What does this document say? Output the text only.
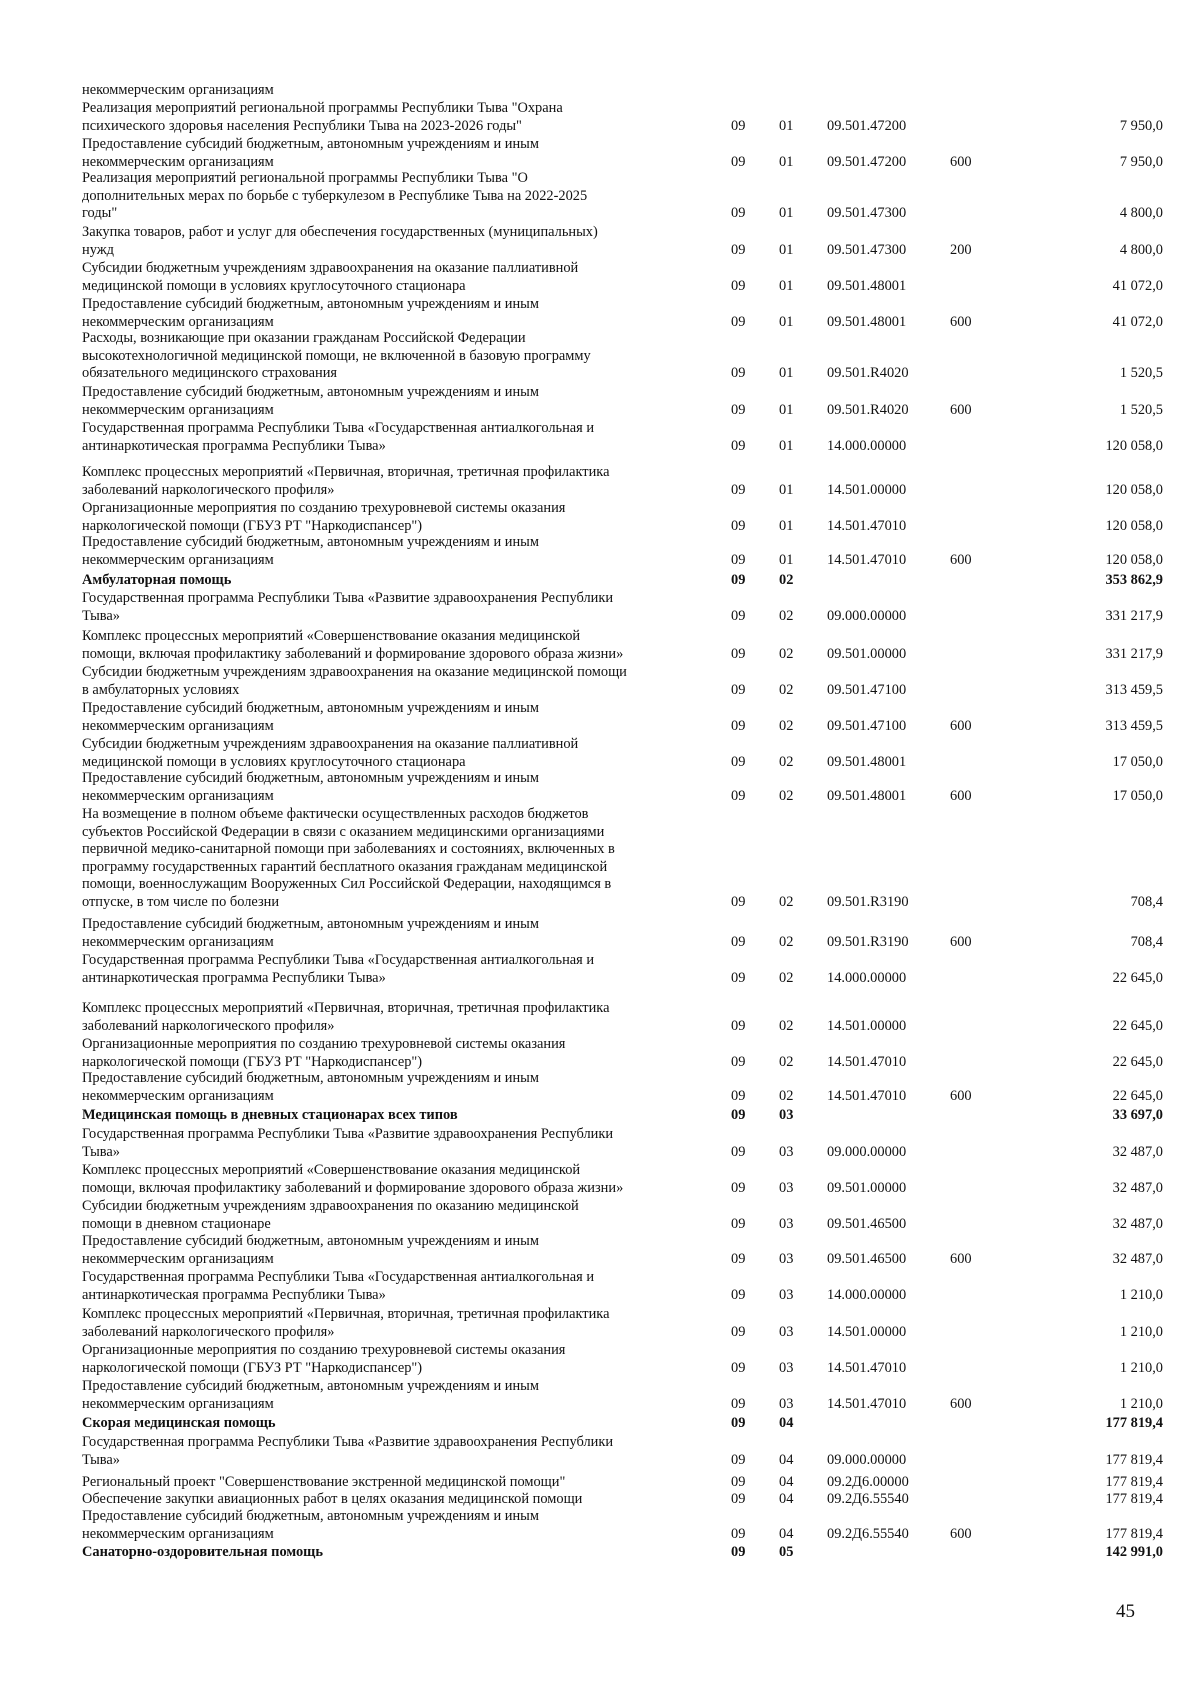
некоммерческим организациям
Реализация мероприятий региональной программы Республики Тыва "Охрана
психического здоровья населения Республики Тыва на 2023-2026 годы"	09 01 09.501.47200	7 950,0
Предоставление субсидий бюджетным, автономным учреждениям и иным
некоммерческим организациям	09 01 09.501.47200	600	7 950,0
Реализация мероприятий региональной программы Республики Тыва "О
дополнительных мерах по борьбе с туберкулезом в Республике Тыва на 2022-2025
годы"	09 01 09.501.47300	4 800,0
Закупка товаров, работ и услуг для обеспечения государственных (муниципальных)
нужд	09 01 09.501.47300	200	4 800,0
Субсидии бюджетным учреждениям здравоохранения на оказание паллиативной
медицинской помощи в условиях круглосуточного стационара	09 01 09.501.48001	41 072,0
Предоставление субсидий бюджетным, автономным учреждениям и иным
некоммерческим организациям	09 01 09.501.48001	600	41 072,0
Расходы, возникающие при оказании гражданам Российской Федерации
высокотехнологичной медицинской помощи, не включенной в базовую программу
обязательного медицинского страхования	09 01 09.501.R4020	1 520,5
Предоставление субсидий бюджетным, автономным учреждениям и иным
некоммерческим организациям	09 01 09.501.R4020	600	1 520,5
Государственная программа Республики Тыва «Государственная антиалкогольная и
антинаркотическая программа Республики Тыва»	09 01 14.000.00000	120 058,0
Комплекс процессных мероприятий «Первичная, вторичная, третичная профилактика
заболеваний наркологического профиля»	09 01 14.501.00000	120 058,0
Организационные мероприятия по созданию трехуровневой системы оказания
наркологической помощи (ГБУЗ РТ "Наркодиспансер")	09 01 14.501.47010	120 058,0
Предоставление субсидий бюджетным, автономным учреждениям и иным
некоммерческим организациям	09 01 14.501.47010	600	120 058,0
Амбулаторная помощь	09 02	353 862,9
Государственная программа Республики Тыва «Развитие здравоохранения Республики
Тыва»	09 02 09.000.00000	331 217,9
Комплекс процессных мероприятий «Совершенствование оказания медицинской
помощи, включая профилактику заболеваний и формирование здорового образа жизни»	09 02 09.501.00000	331 217,9
Субсидии бюджетным учреждениям здравоохранения на оказание медицинской помощи
в амбулаторных условиях	09 02 09.501.47100	313 459,5
Предоставление субсидий бюджетным, автономным учреждениям и иным
некоммерческим организациям	09 02 09.501.47100	600	313 459,5
Субсидии бюджетным учреждениям здравоохранения на оказание паллиативной
медицинской помощи в условиях круглосуточного стационара	09 02 09.501.48001	17 050,0
Предоставление субсидий бюджетным, автономным учреждениям и иным
некоммерческим организациям	09 02 09.501.48001	600	17 050,0
На возмещение в полном объеме фактически осуществленных расходов бюджетов
субъектов Российской Федерации в связи с оказанием медицинскими организациями
первичной медико-санитарной помощи при заболеваниях и состояниях, включенных в
программу государственных гарантий бесплатного оказания гражданам медицинской
помощи, военнослужащим Вооруженных Сил Российской Федерации, находящимся в
отпуске, в том числе по болезни	09 02 09.501.R3190	708,4
Предоставление субсидий бюджетным, автономным учреждениям и иным
некоммерческим организациям	09 02 09.501.R3190	600	708,4
Государственная программа Республики Тыва «Государственная антиалкогольная и
антинаркотическая программа Республики Тыва»	09 02 14.000.00000	22 645,0
Комплекс процессных мероприятий «Первичная, вторичная, третичная профилактика
заболеваний наркологического профиля»	09 02 14.501.00000	22 645,0
Организационные мероприятия по созданию трехуровневой системы оказания
наркологической помощи (ГБУЗ РТ "Наркодиспансер")	09 02 14.501.47010	22 645,0
Предоставление субсидий бюджетным, автономным учреждениям и иным
некоммерческим организациям	09 02 14.501.47010	600	22 645,0
Медицинская помощь в дневных стационарах всех типов	09 03	33 697,0
Государственная программа Республики Тыва «Развитие здравоохранения Республики
Тыва»	09 03 09.000.00000	32 487,0
Комплекс процессных мероприятий «Совершенствование оказания медицинской
помощи, включая профилактику заболеваний и формирование здорового образа жизни»	09 03 09.501.00000	32 487,0
Субсидии бюджетным учреждениям здравоохранения по оказанию медицинской
помощи в дневном стационаре	09 03 09.501.46500	32 487,0
Предоставление субсидий бюджетным, автономным учреждениям и иным
некоммерческим организациям	09 03 09.501.46500	600	32 487,0
Государственная программа Республики Тыва «Государственная антиалкогольная и
антинаркотическая программа Республики Тыва»	09 03 14.000.00000	1 210,0
Комплекс процессных мероприятий «Первичная, вторичная, третичная профилактика
заболеваний наркологического профиля»	09 03 14.501.00000	1 210,0
Организационные мероприятия по созданию трехуровневой системы оказания
наркологической помощи (ГБУЗ РТ "Наркодиспансер")	09 03 14.501.47010	1 210,0
Предоставление субсидий бюджетным, автономным учреждениям и иным
некоммерческим организациям	09 03 14.501.47010	600	1 210,0
Скорая медицинская помощь	09 04	177 819,4
Государственная программа Республики Тыва «Развитие здравоохранения Республики
Тыва»	09 04 09.000.00000	177 819,4
Региональный проект "Совершенствование экстренной медицинской помощи"	09 04 09.2Д6.00000	177 819,4
Обеспечение закупки авиационных работ в целях оказания медицинской помощи	09 04 09.2Д6.55540	177 819,4
Предоставление субсидий бюджетным, автономным учреждениям и иным
некоммерческим организациям	09 04 09.2Д6.55540	600	177 819,4
Санаторно-оздоровительная помощь	09 05	142 991,0
45
